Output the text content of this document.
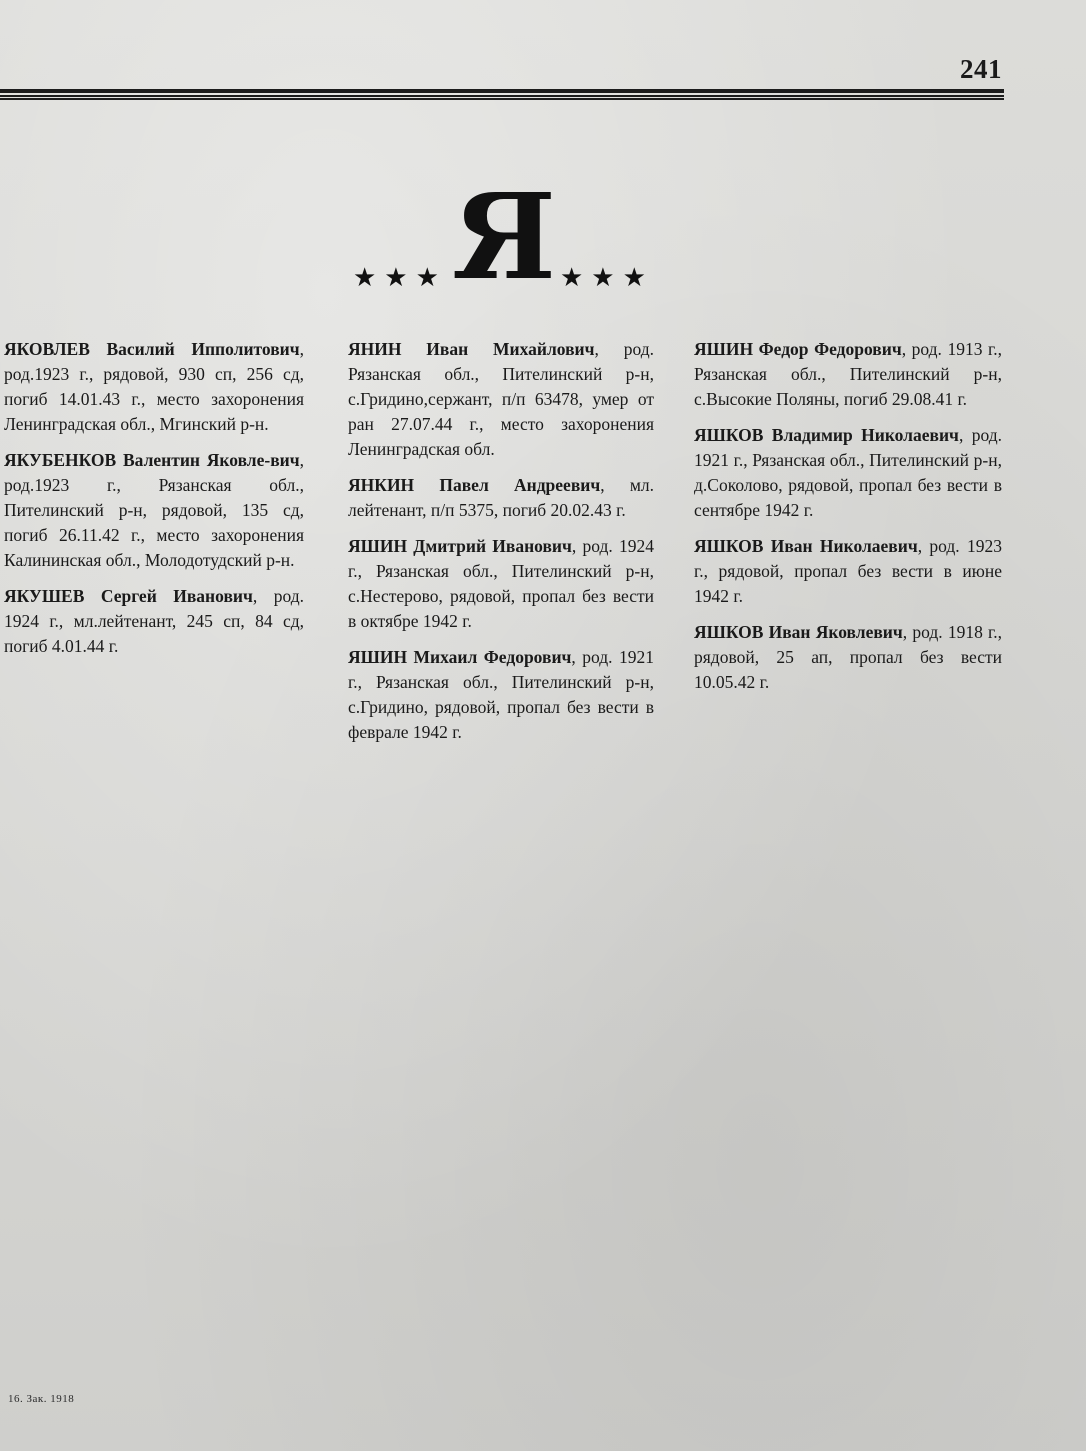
241
★★★ Я ★★★

ЯКОВЛЕВ Василий Ипполитович, род.1923 г., рядовой, 930 сп, 256 сд, погиб 14.01.43 г., место захоронения Ленинградская обл., Мгинский р-н.

ЯКУБЕНКОВ Валентин Яковле-вич, род.1923 г., Рязанская обл., Пителинский р-н, рядовой, 135 сд, погиб 26.11.42 г., место захоронения Калининская обл., Молодотудский р-н.

ЯКУШЕВ Сергей Иванович, род. 1924 г., мл.лейтенант, 245 сп, 84 сд, погиб 4.01.44 г.

ЯНИН Иван Михайлович, род. Рязанская обл., Пителинский р-н, с.Гридино,сержант, п/п 63478, умер от ран 27.07.44 г., место захоронения Ленинградская обл.

ЯНКИН Павел Андреевич, мл. лейтенант, п/п 5375, погиб 20.02.43 г.

ЯШИН Дмитрий Иванович, род. 1924 г., Рязанская обл., Пителинский р-н, с.Нестерово, рядовой, пропал без вести в октябре 1942 г.

ЯШИН Михаил Федорович, род. 1921 г., Рязанская обл., Пителинский р-н, с.Гридино, рядовой, пропал без вести в феврале 1942 г.

ЯШИН Федор Федорович, род. 1913 г., Рязанская обл., Пителинский р-н, с.Высокие Поляны, погиб 29.08.41 г.

ЯШКОВ Владимир Николаевич, род. 1921 г., Рязанская обл., Пителинский р-н, д.Соколово, рядовой, пропал без вести в сентябре 1942 г.

ЯШКОВ Иван Николаевич, род. 1923 г., рядовой, пропал без вести в июне 1942 г.

ЯШКОВ Иван Яковлевич, род. 1918 г., рядовой, 25 ап, пропал без вести 10.05.42 г.

16. Зак. 1918
